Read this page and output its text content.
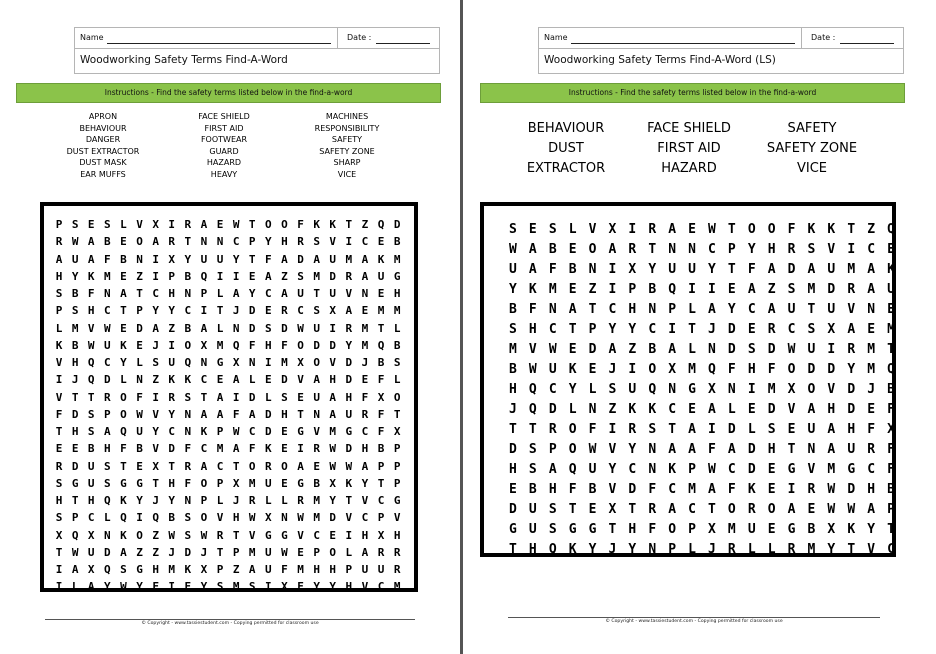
Name	Date :
Woodworking Safety Terms Find-A-Word
Instructions - Find the safety terms listed below in the find-a-word
APRON
BEHAVIOUR
DANGER
DUST EXTRACTOR
DUST MASK
EAR MUFFS
FACE SHIELD
FIRST AID
FOOTWEAR
GUARD
HAZARD
HEAVY
MACHINES
RESPONSIBILITY
SAFETY
SAFETY ZONE
SHARP
VICE
P S E S L V X I R A E W T O O F K K T Z Q D
R W A B E O A R T N N C P Y H R S V I C E B
A U A F B N I X Y U U Y T F A D A U M A K M
H Y K M E Z I P B Q I I E A Z S M D R A U G
S B F N A T C H N P L A Y C A U T U V N E H
P S H C T P Y Y C I T J D E R C S X A E M M
L M V W E D A Z B A L N D S D W U I R M T L
K B W U K E J I O X M Q F H F O D D Y M Q B
V H Q C Y L S U Q N G X N I M X O V D J B S
I J Q D L N Z K K C E A L E D V A H D E F L
V T T R O F I R S T A I D L S E U A H F X O
F D S P O W V Y N A A F A D H T N A U R F T
T H S A Q U Y C N K P W C D E G V M G C F X
E E B H F B V D F C M A F K E I R W D H B P
R D U S T E X T R A C T O R O A E W W A P P
S G U S G G T H F O P X M U E G B X K Y T P
H T H Q K Y J Y N P L J R L L R M Y T V C G
S P C L Q I Q B S O V H W X N W M D V C P V
X Q X N K O Z W S W R T V G G V C E I H X H
T W U D A Z Z J D J T P M U W E P O L A R R
I A X Q S G H M K X P Z A U F M H H P U U R
I L A Y W Y F I E Y S M S I X E Y Y H V C M
© Copyright - www.tassiestudent.com - Copying permitted for classroom use
Name	Date :
Woodworking Safety Terms Find-A-Word (LS)
Instructions - Find the safety terms listed below in the find-a-word
BEHAVIOUR
DUST
EXTRACTOR
FACE SHIELD
FIRST AID
HAZARD
SAFETY
SAFETY ZONE
VICE
S E S L V X I R A E W T O O F K K T Z Q
W A B E O A R T N N C P Y H R S V I C E
U A F B N I X Y U U Y T F A D A U M A K
Y K M E Z I P B Q I I E A Z S M D R A U
B F N A T C H N P L A Y C A U T U V N E
S H C T P Y Y C I T J D E R C S X A E M
M V W E D A Z B A L N D S D W U I R M T
B W U K E J I O X M Q F H F O D D Y M Q
H Q C Y L S U Q N G X N I M X O V D J B
J Q D L N Z K K C E A L E D V A H D E F
T T R O F I R S T A I D L S E U A H F X
D S P O W V Y N A A F A D H T N A U R F
H S A Q U Y C N K P W C D E G V M G C F
E B H F B V D F C M A F K E I R W D H B
D U S T E X T R A C T O R O A E W W A P
G U S G G T H F O P X M U E G B X K Y T
T H Q K Y J Y N P L J R L L R M Y T V C
© Copyright - www.tassiestudent.com - Copying permitted for classroom use
